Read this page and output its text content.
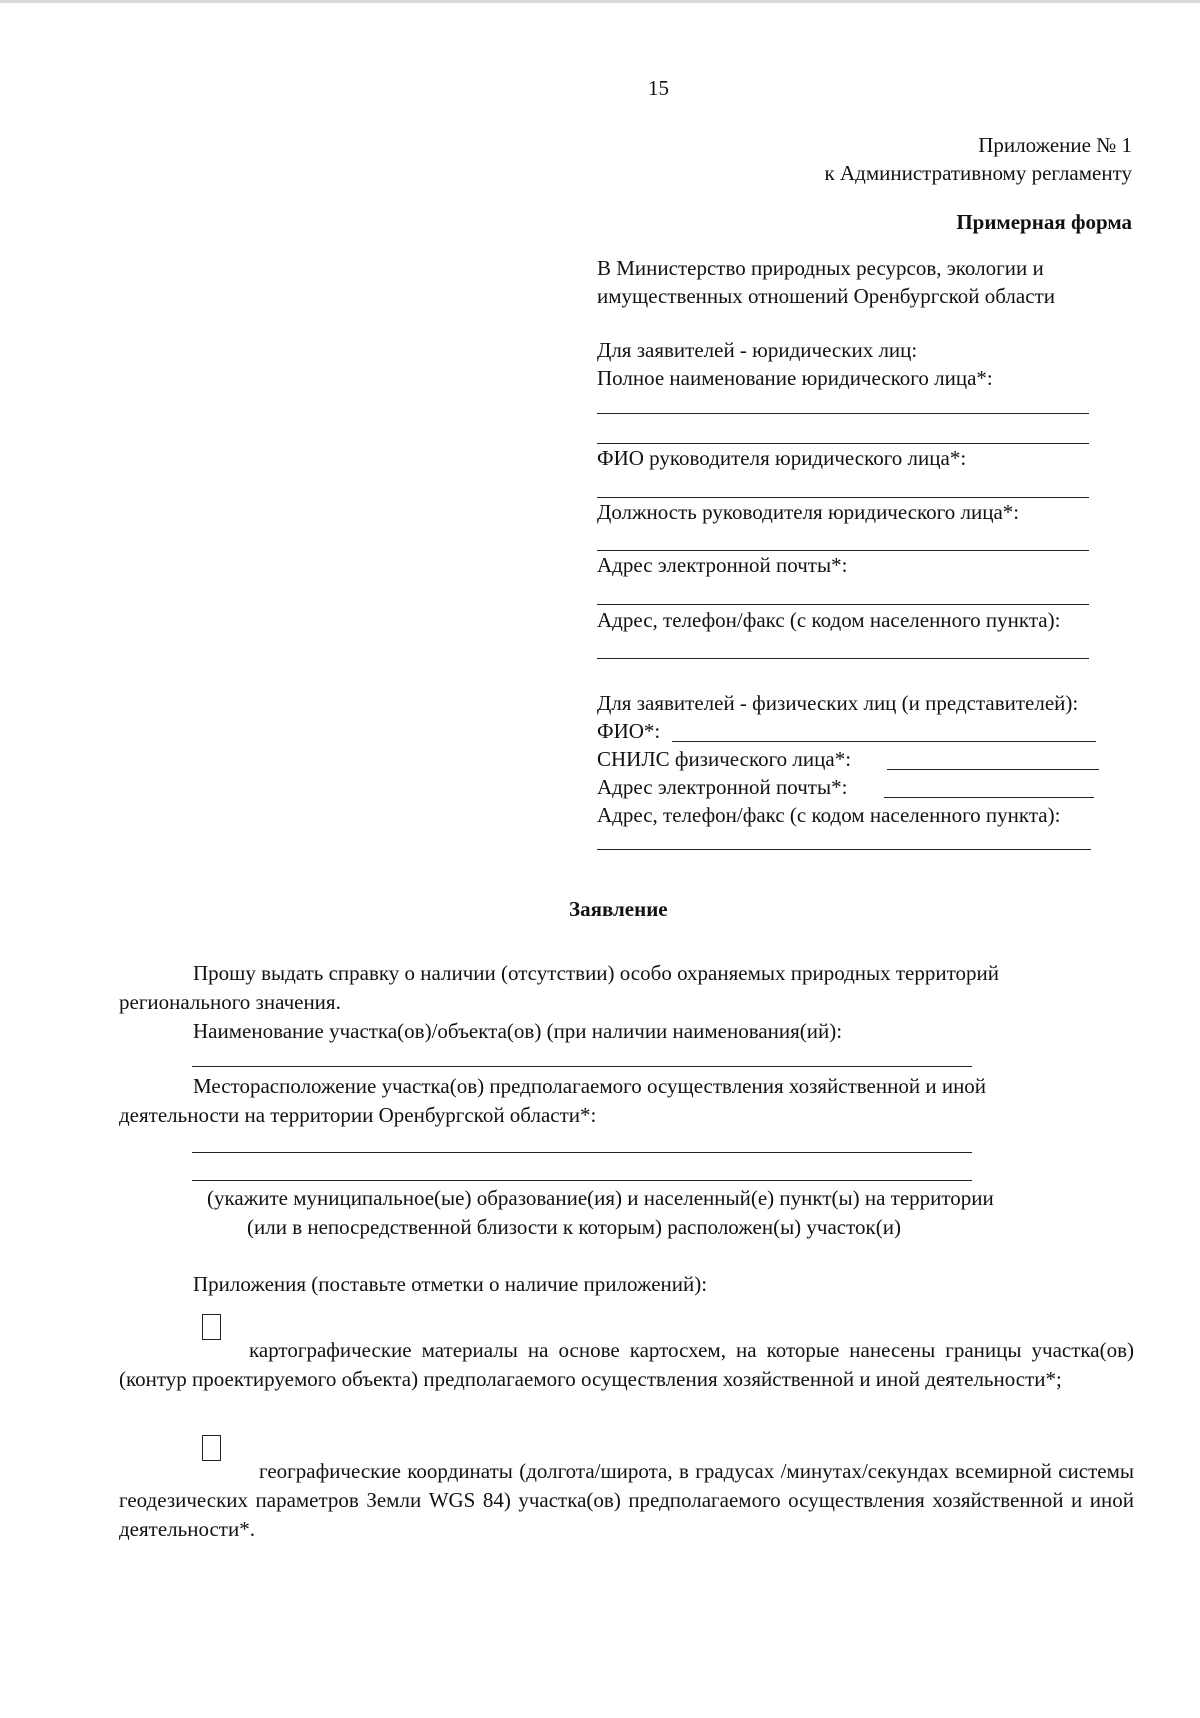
15
Приложение № 1
к Административному регламенту
Примерная форма
В Министерство природных ресурсов, экологии и
имущественных отношений Оренбургской области
Для заявителей - юридических лиц:
Полное наименование юридического лица*:
ФИО руководителя юридического лица*:
Должность руководителя юридического лица*:
Адрес электронной почты*:
Адрес, телефон/факс (с кодом населенного пункта):
Для заявителей - физических лиц (и представителей):
ФИО*:
СНИЛС физического лица*:
Адрес электронной почты*:
Адрес, телефон/факс (с кодом населенного пункта):
Заявление
Прошу выдать справку о наличии (отсутствии) особо охраняемых природных территорий
регионального значения.
Наименование участка(ов)/объекта(ов) (при наличии наименования(ий):
Месторасположение участка(ов) предполагаемого осуществления хозяйственной и иной
деятельности на территории Оренбургской области*:
(укажите муниципальное(ые) образование(ия) и населенный(е) пункт(ы) на территории
(или в непосредственной близости к которым) расположен(ы) участок(и)
Приложения (поставьте отметки о наличие приложений):
картографические материалы на основе картосхем, на которые нанесены границы участка(ов) (контур проектируемого объекта) предполагаемого осуществления хозяйственной и иной деятельности*;
географические координаты (долгота/широта, в градусах /минутах/секундах всемирной системы геодезических параметров Земли WGS 84) участка(ов) предполагаемого осуществления хозяйственной и иной деятельности*.
